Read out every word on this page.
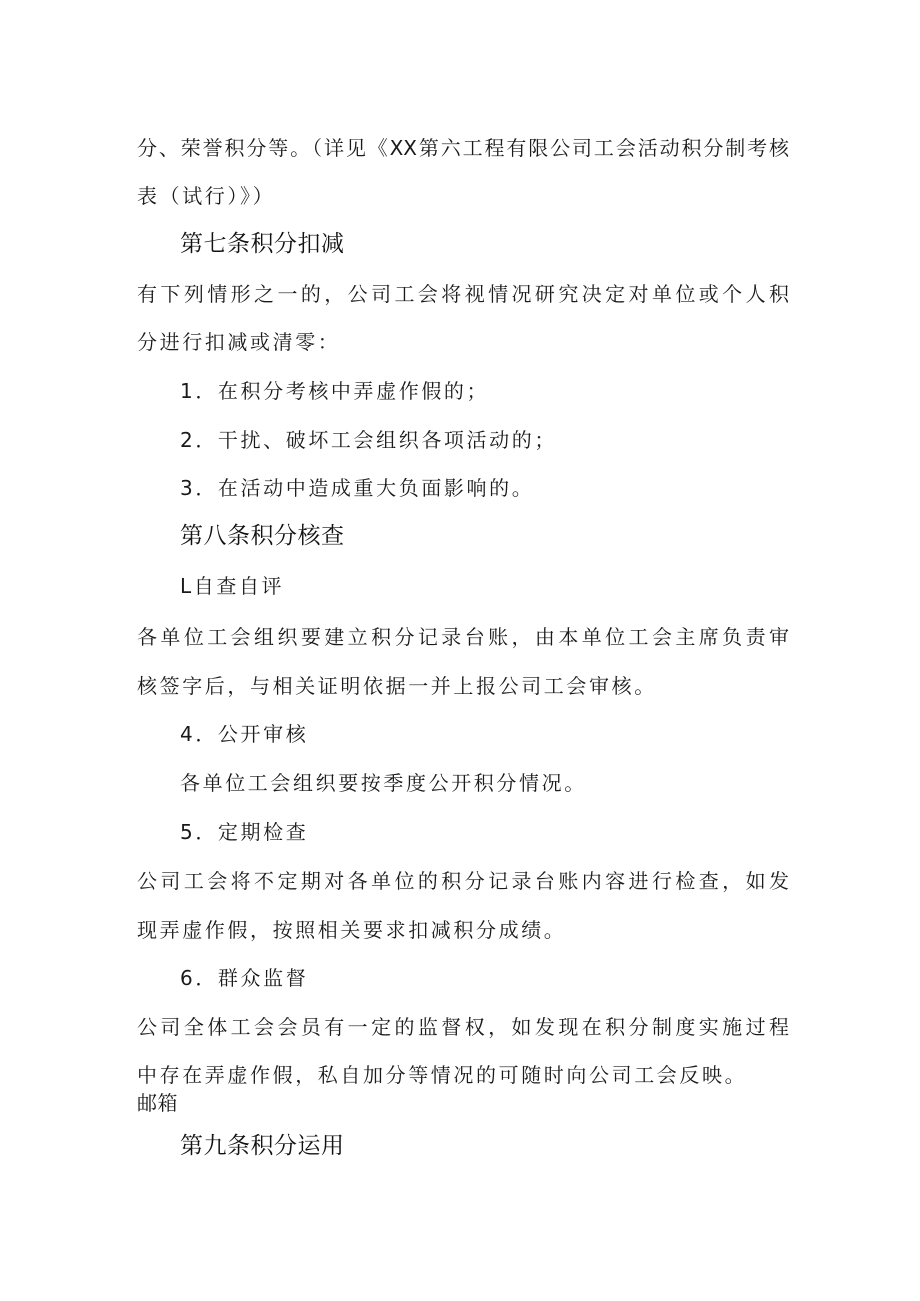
分、荣誉积分等。（详见《XX第六工程有限公司工会活动积分制考核
表（试行）》）
第七条积分扣减
有下列情形之一的，公司工会将视情况研究决定对单位或个人积
分进行扣减或清零：
1．在积分考核中弄虚作假的；
2．干扰、破坏工会组织各项活动的；
3．在活动中造成重大负面影响的。
第八条积分核查
L自查自评
各单位工会组织要建立积分记录台账，由本单位工会主席负责审
核签字后，与相关证明依据一并上报公司工会审核。
4．公开审核
各单位工会组织要按季度公开积分情况。
5．定期检查
公司工会将不定期对各单位的积分记录台账内容进行检查，如发
现弄虚作假，按照相关要求扣减积分成绩。
6．群众监督
公司全体工会会员有一定的监督权，如发现在积分制度实施过程
中存在弄虚作假，私自加分等情况的可随时向公司工会反映。
邮箱
第九条积分运用
